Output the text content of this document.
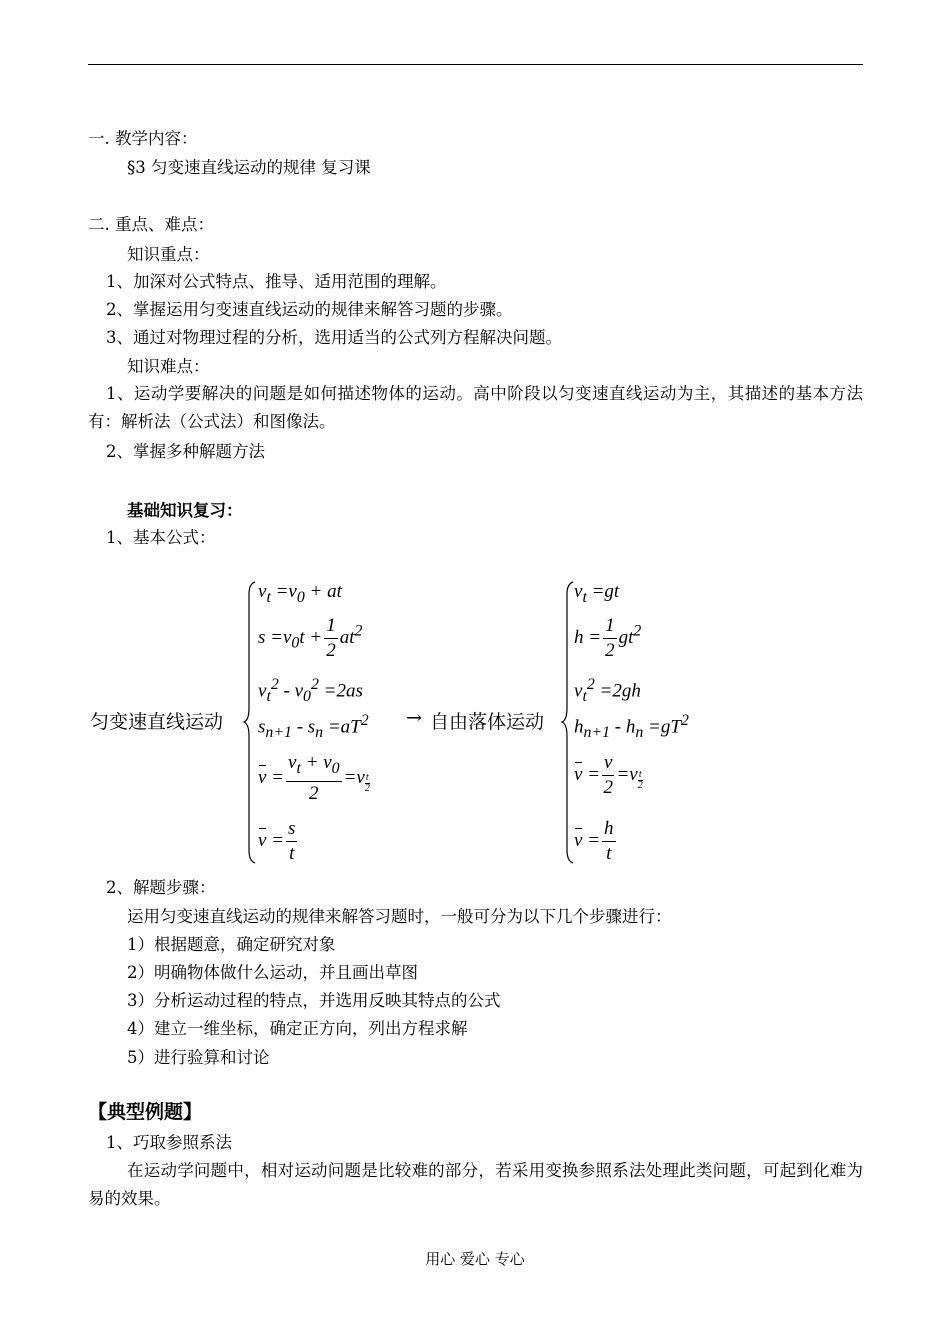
一. 教学内容：
§3 匀变速直线运动的规律 复习课
二. 重点、难点：
知识重点：
1、加深对公式特点、推导、适用范围的理解。
2、掌握运用匀变速直线运动的规律来解答习题的步骤。
3、通过对物理过程的分析，选用适当的公式列方程解决问题。
知识难点：
1、运动学要解决的问题是如何描述物体的运动。高中阶段以匀变速直线运动为主，其描述的基本方法有：解析法（公式法）和图像法。
2、掌握多种解题方法
基础知识复习：
1、基本公式：
匀变速直线运动
$v_t =v_0$ + at
$s =v_0t + \frac{1}{2} at^2$
$v_t^2 - v_0^2 =2as$
$s_{n+1} - s_n =aT^2$
$v = \frac{v_t + v_0}{2} =v \frac{t}{2}$
$v = \frac{s}{t}$
→ 自由落体运动
$v_t =gt$
$h = \frac{1}{2} gt^2$
$v_t^2 =2gh$
$h_{n+1} - h_n =gT^2$
$v = \frac{v}{2} =v \frac{t}{2}$
$v = \frac{h}{t}$
2、解题步骤：
运用匀变速直线运动的规律来解答习题时，一般可分为以下几个步骤进行：
1）根据题意，确定研究对象
2）明确物体做什么运动，并且画出草图
3）分析运动过程的特点，并选用反映其特点的公式
4）建立一维坐标，确定正方向，列出方程求解
5）进行验算和讨论
【典型例题】
1、巧取参照系法
在运动学问题中，相对运动问题是比较难的部分，若采用变换参照系法处理此类问题，可起到化难为易的效果。
用心 爱心 专心
